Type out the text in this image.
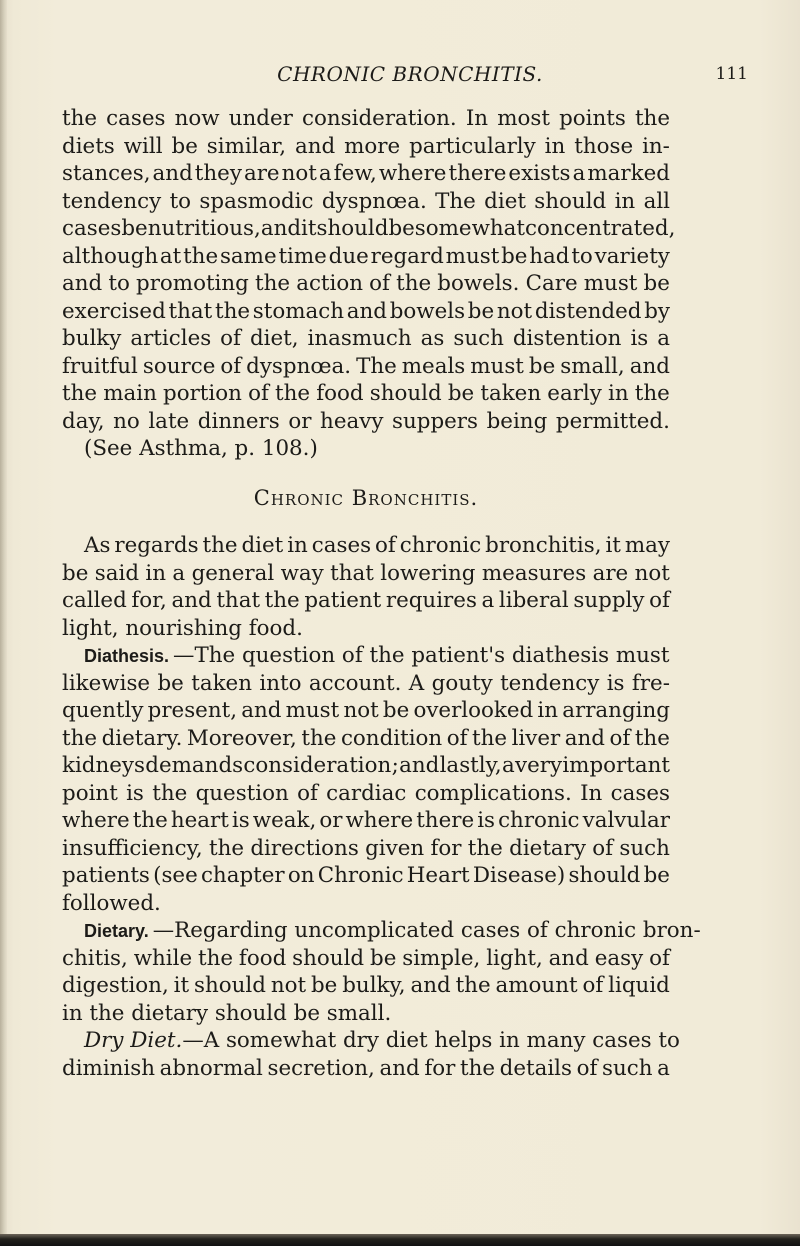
CHRONIC BRONCHITIS.	111
the cases now under consideration. In most points the
diets will be similar, and more particularly in those in-
stances, and they are not a few, where there exists a marked
tendency to spasmodic dyspnœa. The diet should in all
cases be nutritious, and it should be somewhat concentrated,
although at the same time due regard must be had to variety
and to promoting the action of the bowels. Care must be
exercised that the stomach and bowels be not distended by
bulky articles of diet, inasmuch as such distention is a
fruitful source of dyspnœa. The meals must be small, and
the main portion of the food should be taken early in the
day, no late dinners or heavy suppers being permitted.
(See Asthma, p. 108.)
Chronic Bronchitis.
As regards the diet in cases of chronic bronchitis, it may
be said in a general way that lowering measures are not
called for, and that the patient requires a liberal supply of
light, nourishing food.
Diathesis. —The question of the patient's diathesis must
likewise be taken into account. A gouty tendency is fre-
quently present, and must not be overlooked in arranging
the dietary. Moreover, the condition of the liver and of the
kidneys demands consideration ; and lastly, a very important
point is the question of cardiac complications. In cases
where the heart is weak, or where there is chronic valvular
insufficiency, the directions given for the dietary of such
patients (see chapter on Chronic Heart Disease) should be
followed.
Dietary. —Regarding uncomplicated cases of chronic bron-
chitis, while the food should be simple, light, and easy of
digestion, it should not be bulky, and the amount of liquid
in the dietary should be small.
Dry Diet.—A somewhat dry diet helps in many cases to
diminish abnormal secretion, and for the details of such a
